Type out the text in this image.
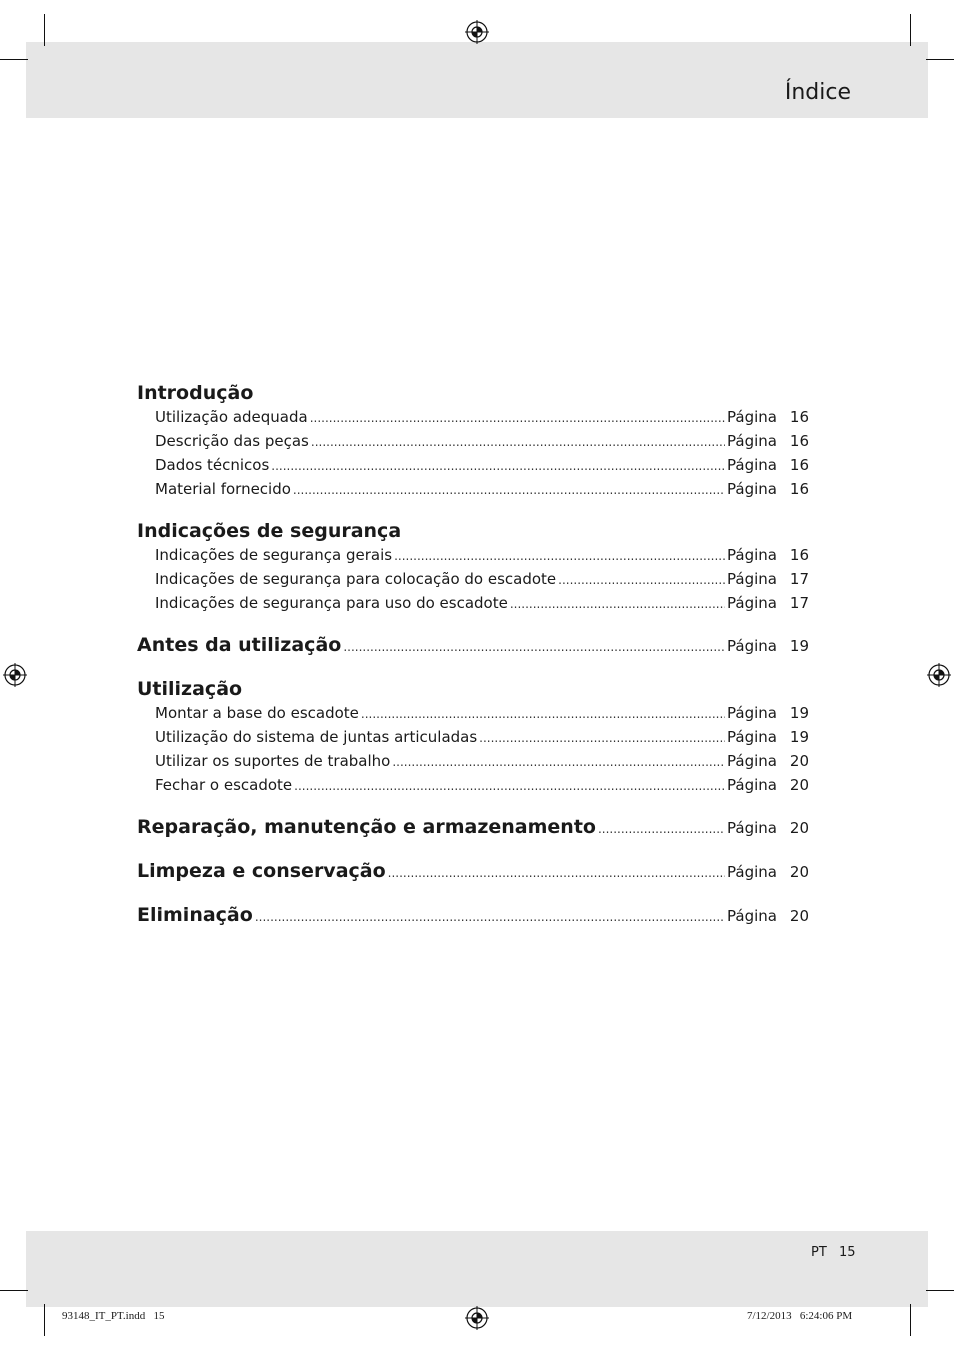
Índice
Introdução
Utilização adequada .....	Página 16
Descrição das peças .....	Página 16
Dados técnicos .....	Página 16
Material fornecido .....	Página 16
Indicações de segurança
Indicações de segurança gerais .....	Página 16
Indicações de segurança para colocação do escadote .....	Página 17
Indicações de segurança para uso do escadote .....	Página 17
Antes da utilização .....	Página 19
Utilização
Montar a base do escadote .....	Página 19
Utilização do sistema de juntas articuladas .....	Página 19
Utilizar os suportes de trabalho .....	Página 20
Fechar o escadote .....	Página 20
Reparação, manutenção e armazenamento .....	Página 20
Limpeza e conservação .....	Página 20
Eliminação .....	Página 20
PT 15
93148_IT_PT.indd   15	7/12/2013   6:24:06 PM
